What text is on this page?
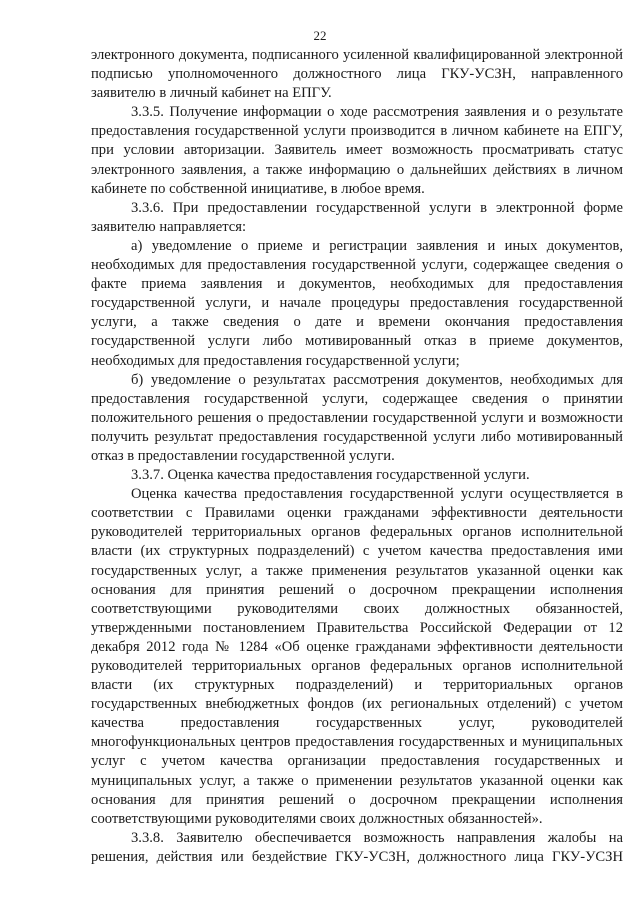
22

электронного документа, подписанного усиленной квалифицированной электронной подписью уполномоченного должностного лица ГКУ-УСЗН, направленного заявителю в личный кабинет на ЕПГУ.

3.3.5. Получение информации о ходе рассмотрения заявления и о результате предоставления государственной услуги производится в личном кабинете на ЕПГУ, при условии авторизации. Заявитель имеет возможность просматривать статус электронного заявления, а также информацию о дальнейших действиях в личном кабинете по собственной инициативе, в любое время.

3.3.6. При предоставлении государственной услуги в электронной форме заявителю направляется:

а) уведомление о приеме и регистрации заявления и иных документов, необходимых для предоставления государственной услуги, содержащее сведения о факте приема заявления и документов, необходимых для предоставления государственной услуги, и начале процедуры предоставления государственной услуги, а также сведения о дате и времени окончания предоставления государственной услуги либо мотивированный отказ в приеме документов, необходимых для предоставления государственной услуги;

б) уведомление о результатах рассмотрения документов, необходимых для предоставления государственной услуги, содержащее сведения о принятии положительного решения о предоставлении государственной услуги и возможности получить результат предоставления государственной услуги либо мотивированный отказ в предоставлении государственной услуги.

3.3.7. Оценка качества предоставления государственной услуги.

Оценка качества предоставления государственной услуги осуществляется в соответствии с Правилами оценки гражданами эффективности деятельности руководителей территориальных органов федеральных органов исполнительной власти (их структурных подразделений) с учетом качества предоставления ими государственных услуг, а также применения результатов указанной оценки как основания для принятия решений о досрочном прекращении исполнения соответствующими руководителями своих должностных обязанностей, утвержденными постановлением Правительства Российской Федерации от 12 декабря 2012 года № 1284 «Об оценке гражданами эффективности деятельности руководителей территориальных органов федеральных органов исполнительной власти (их структурных подразделений) и территориальных органов государственных внебюджетных фондов (их региональных отделений) с учетом качества предоставления государственных услуг, руководителей многофункциональных центров предоставления государственных и муниципальных услуг с учетом качества организации предоставления государственных и муниципальных услуг, а также о применении результатов указанной оценки как основания для принятия решений о досрочном прекращении исполнения соответствующими руководителями своих должностных обязанностей».

3.3.8. Заявителю обеспечивается возможность направления жалобы на решения, действия или бездействие ГКУ-УСЗН, должностного лица ГКУ-УСЗН
